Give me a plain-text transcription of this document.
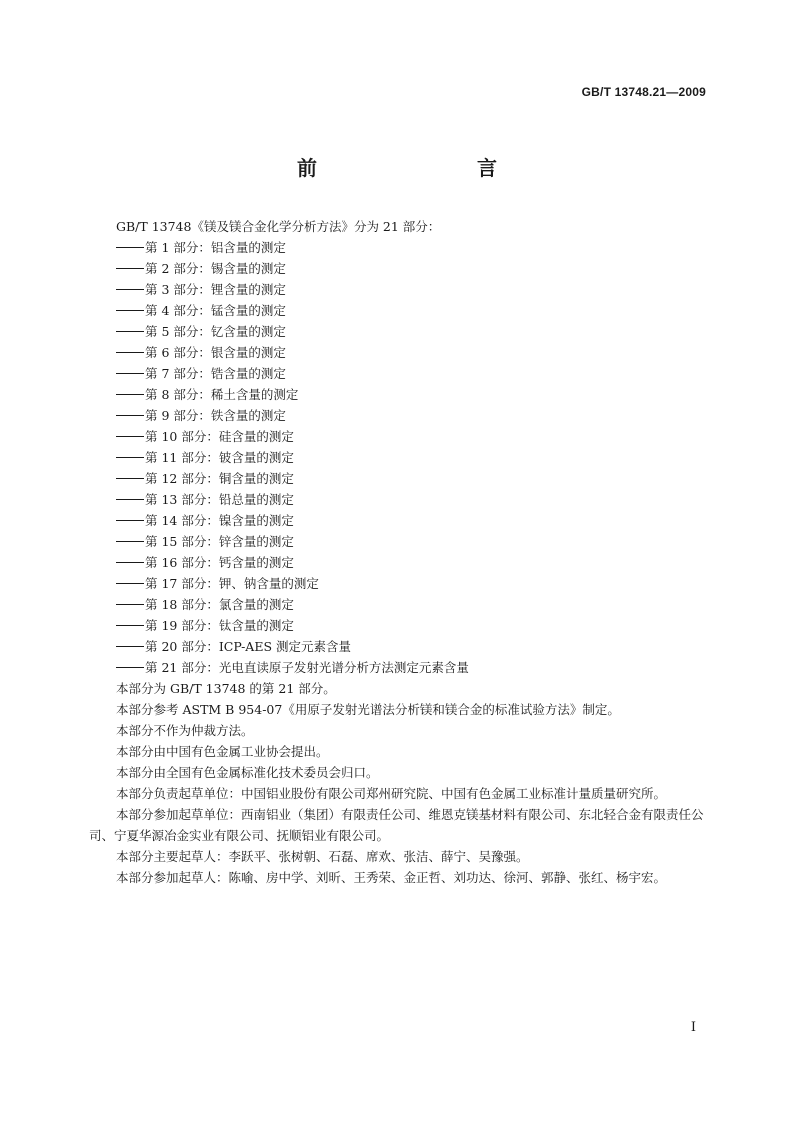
GB/T 13748.21—2009
前　　言

GB/T 13748《镁及镁合金化学分析方法》分为 21 部分：

第 1 部分：铝含量的测定
第 2 部分：锡含量的测定
第 3 部分：锂含量的测定
第 4 部分：锰含量的测定
第 5 部分：钇含量的测定
第 6 部分：银含量的测定
第 7 部分：锆含量的测定
第 8 部分：稀土含量的测定
第 9 部分：铁含量的测定
第 10 部分：硅含量的测定
第 11 部分：铍含量的测定
第 12 部分：铜含量的测定
第 13 部分：铅总量的测定
第 14 部分：镍含量的测定
第 15 部分：锌含量的测定
第 16 部分：钙含量的测定
第 17 部分：钾、钠含量的测定
第 18 部分：氯含量的测定
第 19 部分：钛含量的测定
第 20 部分：ICP-AES 测定元素含量
第 21 部分：光电直读原子发射光谱分析方法测定元素含量

本部分为 GB/T 13748 的第 21 部分。

本部分参考 ASTM B 954-07《用原子发射光谱法分析镁和镁合金的标准试验方法》制定。

本部分不作为仲裁方法。

本部分由中国有色金属工业协会提出。

本部分由全国有色金属标准化技术委员会归口。

本部分负责起草单位：中国铝业股份有限公司郑州研究院、中国有色金属工业标准计量质量研究所。

本部分参加起草单位：西南铝业（集团）有限责任公司、维恩克镁基材料有限公司、东北轻合金有限责任公司、宁夏华源冶金实业有限公司、抚顺铝业有限公司。

本部分主要起草人：李跃平、张树朝、石磊、席欢、张洁、薛宁、吴豫强。

本部分参加起草人：陈喻、房中学、刘昕、王秀荣、金正哲、刘功达、徐河、郭静、张红、杨宇宏。

I
